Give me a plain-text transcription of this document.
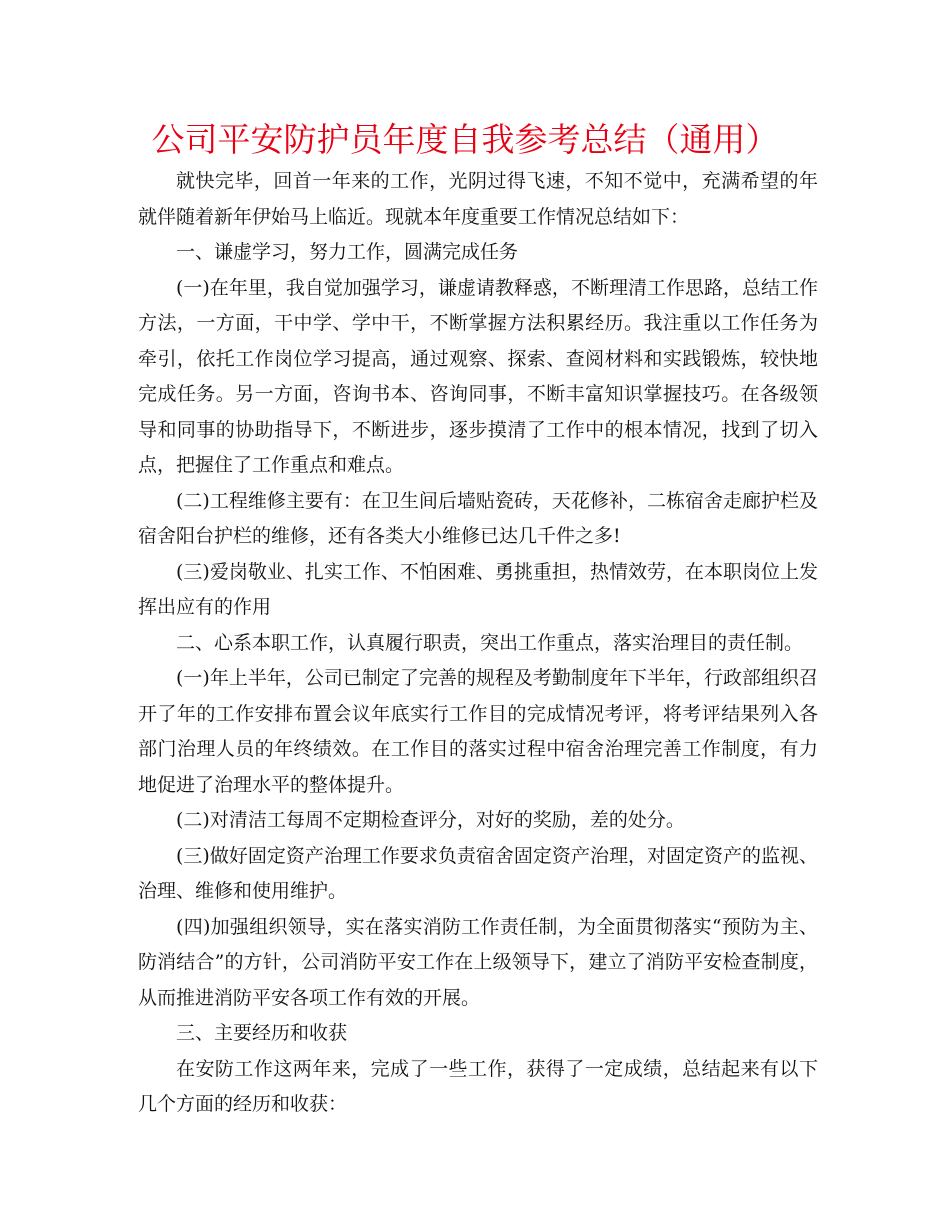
公司平安防护员年度自我参考总结（通用）

就快完毕，回首一年来的工作，光阴过得飞速，不知不觉中，充满希望的年就伴随着新年伊始马上临近。现就本年度重要工作情况总结如下：

一、谦虚学习，努力工作，圆满完成任务

(一)在年里，我自觉加强学习，谦虚请教释惑，不断理清工作思路，总结工作方法，一方面，干中学、学中干，不断掌握方法积累经历。我注重以工作任务为牵引，依托工作岗位学习提高，通过观察、探索、查阅材料和实践锻炼，较快地完成任务。另一方面，咨询书本、咨询同事，不断丰富知识掌握技巧。在各级领导和同事的协助指导下，不断进步，逐步摸清了工作中的根本情况，找到了切入点，把握住了工作重点和难点。

(二)工程维修主要有：在卫生间后墙贴瓷砖，天花修补，二栋宿舍走廊护栏及宿舍阳台护栏的维修，还有各类大小维修已达几千件之多!

(三)爱岗敬业、扎实工作、不怕困难、勇挑重担，热情效劳，在本职岗位上发挥出应有的作用

二、心系本职工作，认真履行职责，突出工作重点，落实治理目的责任制。

(一)年上半年，公司已制定了完善的规程及考勤制度年下半年，行政部组织召开了年的工作安排布置会议年底实行工作目的完成情况考评，将考评结果列入各部门治理人员的年终绩效。在工作目的落实过程中宿舍治理完善工作制度，有力地促进了治理水平的整体提升。

(二)对清洁工每周不定期检查评分，对好的奖励，差的处分。

(三)做好固定资产治理工作要求负责宿舍固定资产治理，对固定资产的监视、治理、维修和使用维护。

(四)加强组织领导，实在落实消防工作责任制，为全面贯彻落实“预防为主、防消结合”的方针，公司消防平安工作在上级领导下，建立了消防平安检查制度，从而推进消防平安各项工作有效的开展。

三、主要经历和收获

在安防工作这两年来，完成了一些工作，获得了一定成绩，总结起来有以下几个方面的经历和收获：
